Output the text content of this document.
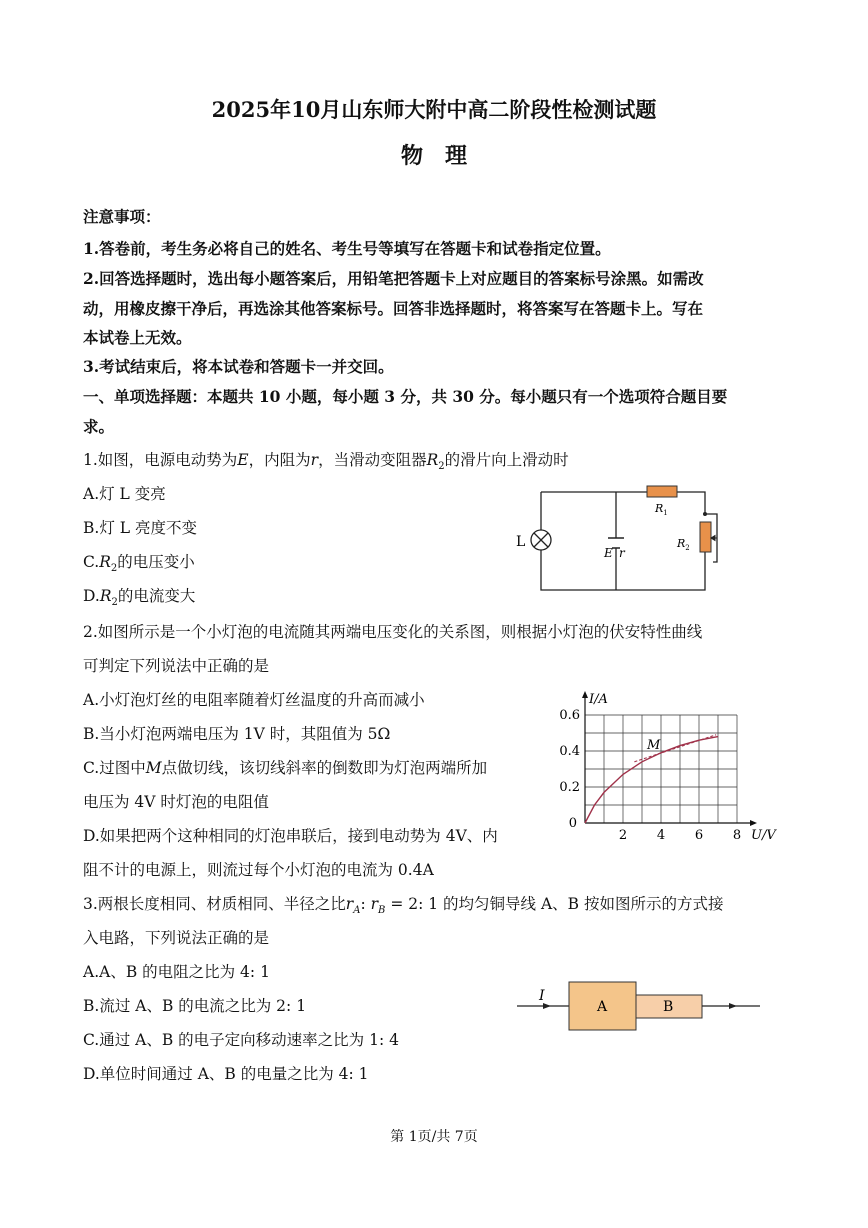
2025年10月山东师大附中高二阶段性检测试题
物理
注意事项：
1.答卷前，考生务必将自己的姓名、考生号等填写在答题卡和试卷指定位置。
2.回答选择题时，选出每小题答案后，用铅笔把答题卡上对应题目的答案标号涂黑。如需改
动，用橡皮擦干净后，再选涂其他答案标号。回答非选择题时，将答案写在答题卡上。写在
本试卷上无效。
3.考试结束后，将本试卷和答题卡一并交回。
一、单项选择题：本题共 10 小题，每小题 3 分，共 30 分。每小题只有一个选项符合题目要
求。
1.如图，电源电动势为E，内阻为r，当滑动变阻器$R_2$的滑片向上滑动时
A.灯 L 变亮
B.灯 L 亮度不变
$C.R_2$的电压变小
$D.R_2$的电流变大
L
$R_1$
$R_2$
E r
2.如图所示是一个小灯泡的电流随其两端电压变化的关系图，则根据小灯泡的伏安特性曲线
可判定下列说法中正确的是
A.小灯泡灯丝的电阻率随着灯丝温度的升高而减小
B.当小灯泡两端电压为 1V 时，其阻值为 5Ω
C.过图中M点做切线，该切线斜率的倒数即为灯泡两端所加
电压为 4V 时灯泡的电阻值
D.如果把两个这种相同的灯泡串联后，接到电动势为 4V、内
阻不计的电源上，则流过每个小灯泡的电流为 0.4A
2 4 6 8
0.2
0.4
0.6
0
U/V
I/A
M
3.两根长度相同、材质相同、半径之比$r_A$: $r_B = 2$: 1 的均匀铜导线 A、B 按如图所示的方式接
入电路，下列说法正确的是
A.A、B 的电阻之比为 4: 1
B.流过 A、B 的电流之比为 2: 1
C.通过 A、B 的电子定向移动速率之比为 1: 4
D.单位时间通过 A、B 的电量之比为 4: 1
I
A	B
第 1页/共 7页
